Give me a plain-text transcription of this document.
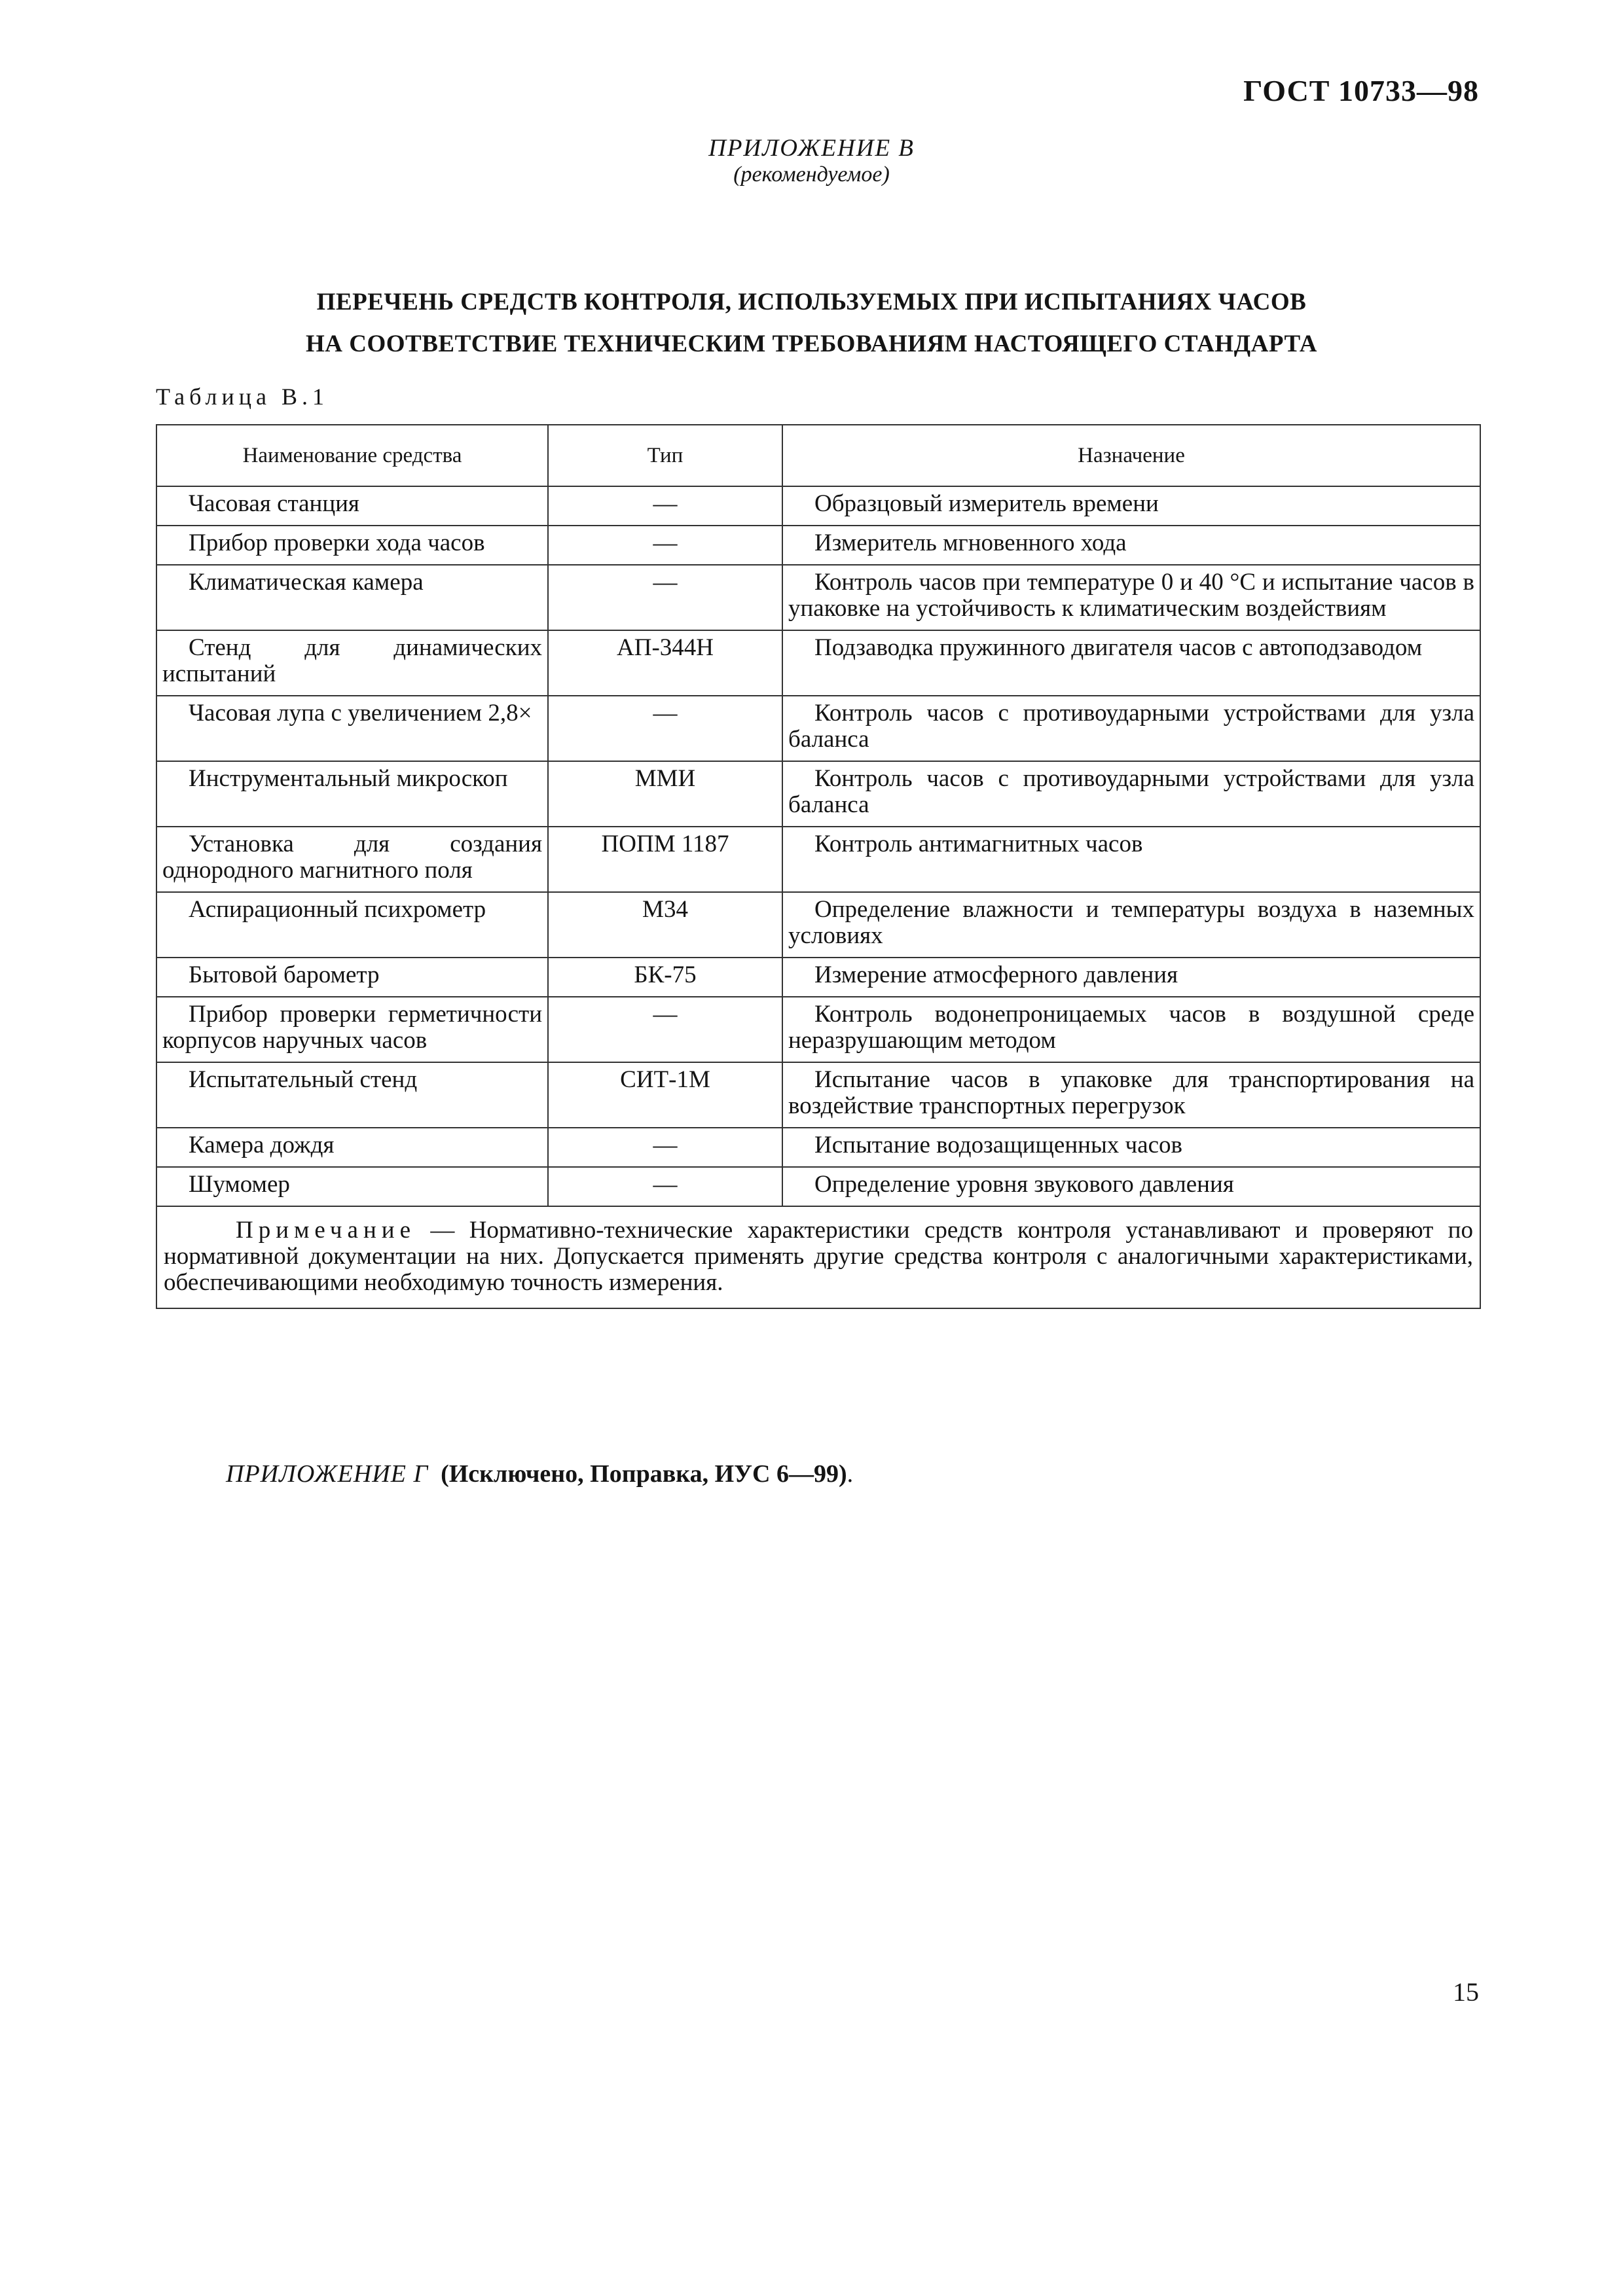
ГОСТ 10733—98
ПРИЛОЖЕНИЕ В
(рекомендуемое)
ПЕРЕЧЕНЬ СРЕДСТВ КОНТРОЛЯ, ИСПОЛЬЗУЕМЫХ ПРИ ИСПЫТАНИЯХ ЧАСОВ
НА СООТВЕТСТВИЕ ТЕХНИЧЕСКИМ ТРЕБОВАНИЯМ НАСТОЯЩЕГО СТАНДАРТА
Таблица В.1
Наименование средства	Тип	Назначение
Часовая станция	—	Образцовый измеритель времени
Прибор проверки хода часов	—	Измеритель мгновенного хода
Климатическая камера	—	Контроль часов при температуре 0 и 40 °С и испытание часов в упаковке на устойчивость к климатическим воздействиям
Стенд для динамических испытаний	АП-344Н	Подзаводка пружинного двигателя часов с автоподзаводом
Часовая лупа с увеличением 2,8×	—	Контроль часов с противоударными устройствами для узла баланса
Инструментальный микроскоп	ММИ	Контроль часов с противоударными устройствами для узла баланса
Установка для создания однородного магнитного поля	ПОПМ 1187	Контроль антимагнитных часов
Аспирационный психрометр	М34	Определение влажности и температуры воздуха в наземных условиях
Бытовой барометр	БК-75	Измерение атмосферного давления
Прибор проверки герметичности корпусов наручных часов	—	Контроль водонепроницаемых часов в воздушной среде неразрушающим методом
Испытательный стенд	СИТ-1М	Испытание часов в упаковке для транспортирования на воздействие транспортных перегрузок
Камера дождя	—	Испытание водозащищенных часов
Шумомер	—	Определение уровня звукового давления
Примечание — Нормативно-технические характеристики средств контроля устанавливают и проверяют по нормативной документации на них. Допускается применять другие средства контроля с аналогичными характеристиками, обеспечивающими необходимую точность измерения.		
ПРИЛОЖЕНИЕ Г (Исключено, Поправка, ИУС 6—99).
15
